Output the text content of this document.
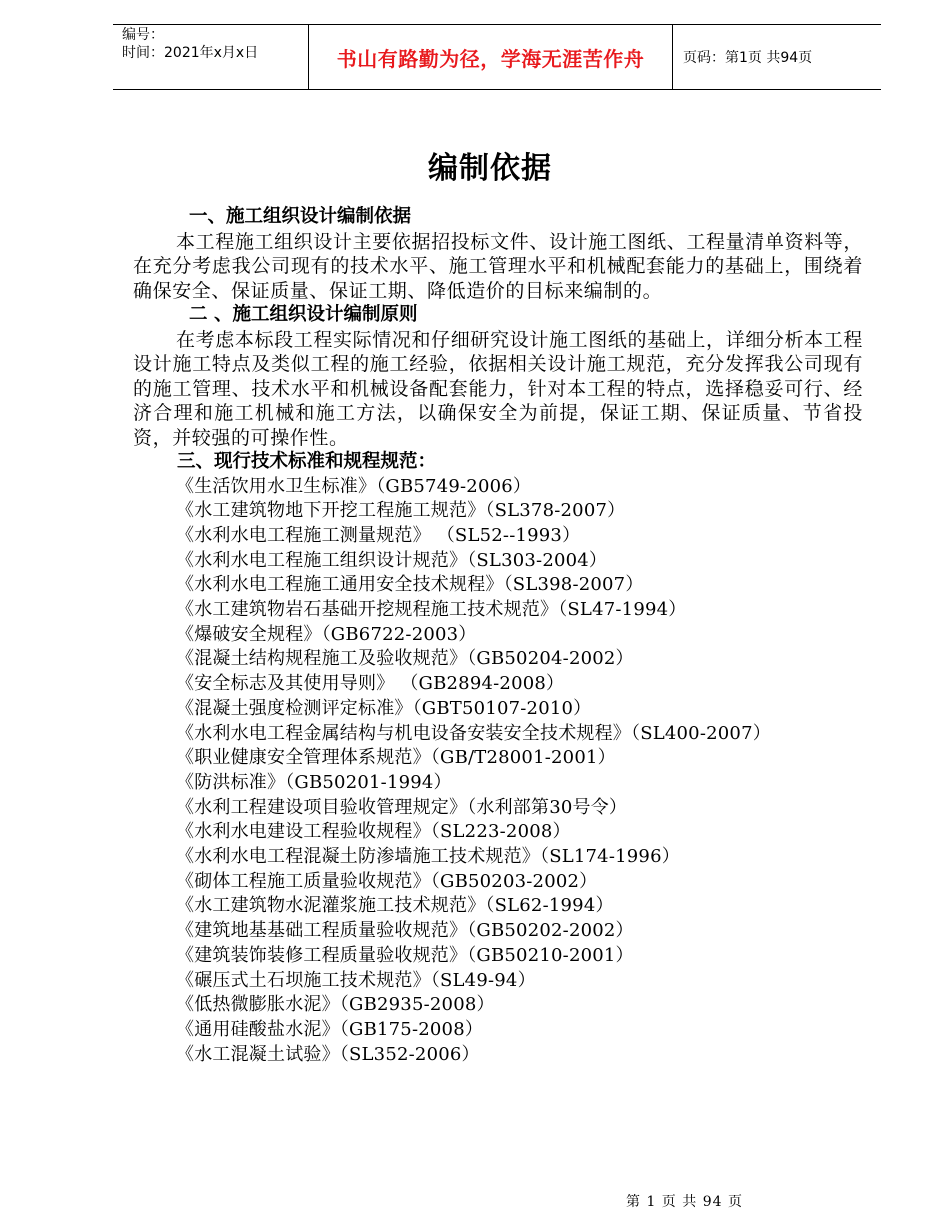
编号：
时间：2021年x月x日	书山有路勤为径，学海无涯苦作舟	页码：第1页 共94页
编制依据

一、施工组织设计编制依据

本工程施工组织设计主要依据招投标文件、设计施工图纸、工程量清单资料等，在充分考虑我公司现有的技术水平、施工管理水平和机械配套能力的基础上，围绕着确保安全、保证质量、保证工期、降低造价的目标来编制的。

二 、施工组织设计编制原则

在考虑本标段工程实际情况和仔细研究设计施工图纸的基础上，详细分析本工程设计施工特点及类似工程的施工经验，依据相关设计施工规范，充分发挥我公司现有的施工管理、技术水平和机械设备配套能力，针对本工程的特点，选择稳妥可行、经济合理和施工机械和施工方法，以确保安全为前提，保证工期、保证质量、节省投资，并较强的可操作性。

三、现行技术标准和规程规范：

《生活饮用水卫生标准》（GB5749-2006）
《水工建筑物地下开挖工程施工规范》（SL378-2007）
《水利水电工程施工测量规范》 （SL52--1993）
《水利水电工程施工组织设计规范》（SL303-2004）
《水利水电工程施工通用安全技术规程》（SL398-2007）
《水工建筑物岩石基础开挖规程施工技术规范》（SL47-1994）
《爆破安全规程》（GB6722-2003）
《混凝土结构规程施工及验收规范》（GB50204-2002）
《安全标志及其使用导则》 （GB2894-2008）
《混凝土强度检测评定标准》（GBT50107-2010）
《水利水电工程金属结构与机电设备安装安全技术规程》（SL400-2007）
《职业健康安全管理体系规范》（GB/T28001-2001）
《防洪标准》（GB50201-1994）
《水利工程建设项目验收管理规定》（水利部第30号令）
《水利水电建设工程验收规程》（SL223-2008）
《水利水电工程混凝土防渗墙施工技术规范》（SL174-1996）
《砌体工程施工质量验收规范》（GB50203-2002）
《水工建筑物水泥灌浆施工技术规范》（SL62-1994）
《建筑地基基础工程质量验收规范》（GB50202-2002）
《建筑装饰装修工程质量验收规范》（GB50210-2001）
《碾压式土石坝施工技术规范》（SL49-94）
《低热微膨胀水泥》（GB2935-2008）
《通用硅酸盐水泥》（GB175-2008）
《水工混凝土试验》（SL352-2006）
第 1 页 共 94 页
